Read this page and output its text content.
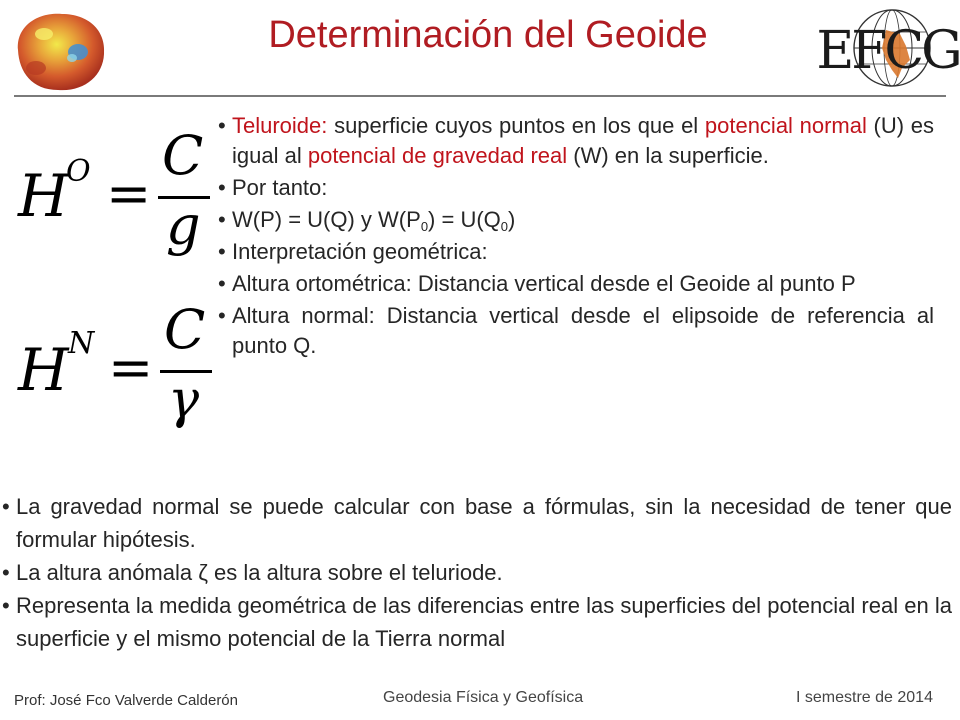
Determinación del Geoide	EFCG
H
O =
C
g
H N =
C
γ
• Teluroide: superficie cuyos puntos en los que el potencial normal (U) es igual al potencial de gravedad real (W) en la superficie.
• Por tanto:
• W(P) = U(Q) y $W(P_0) = U(Q_0)$
• Interpretación geométrica:
• Altura ortométrica: Distancia vertical desde el Geoide al punto P
• Altura normal: Distancia vertical desde el elipsoide de referencia al punto Q.
• La gravedad normal se puede calcular con base a fórmulas, sin la necesidad de tener que formular hipótesis.
• La altura anómala ζ es la altura sobre el teluriode.
• Representa la medida geométrica de las diferencias entre las superficies del potencial real en la superficie y el mismo potencial de la Tierra normal
Prof: José Fco Valverde Calderón	Geodesia Física y Geofísica	I semestre de 2014
